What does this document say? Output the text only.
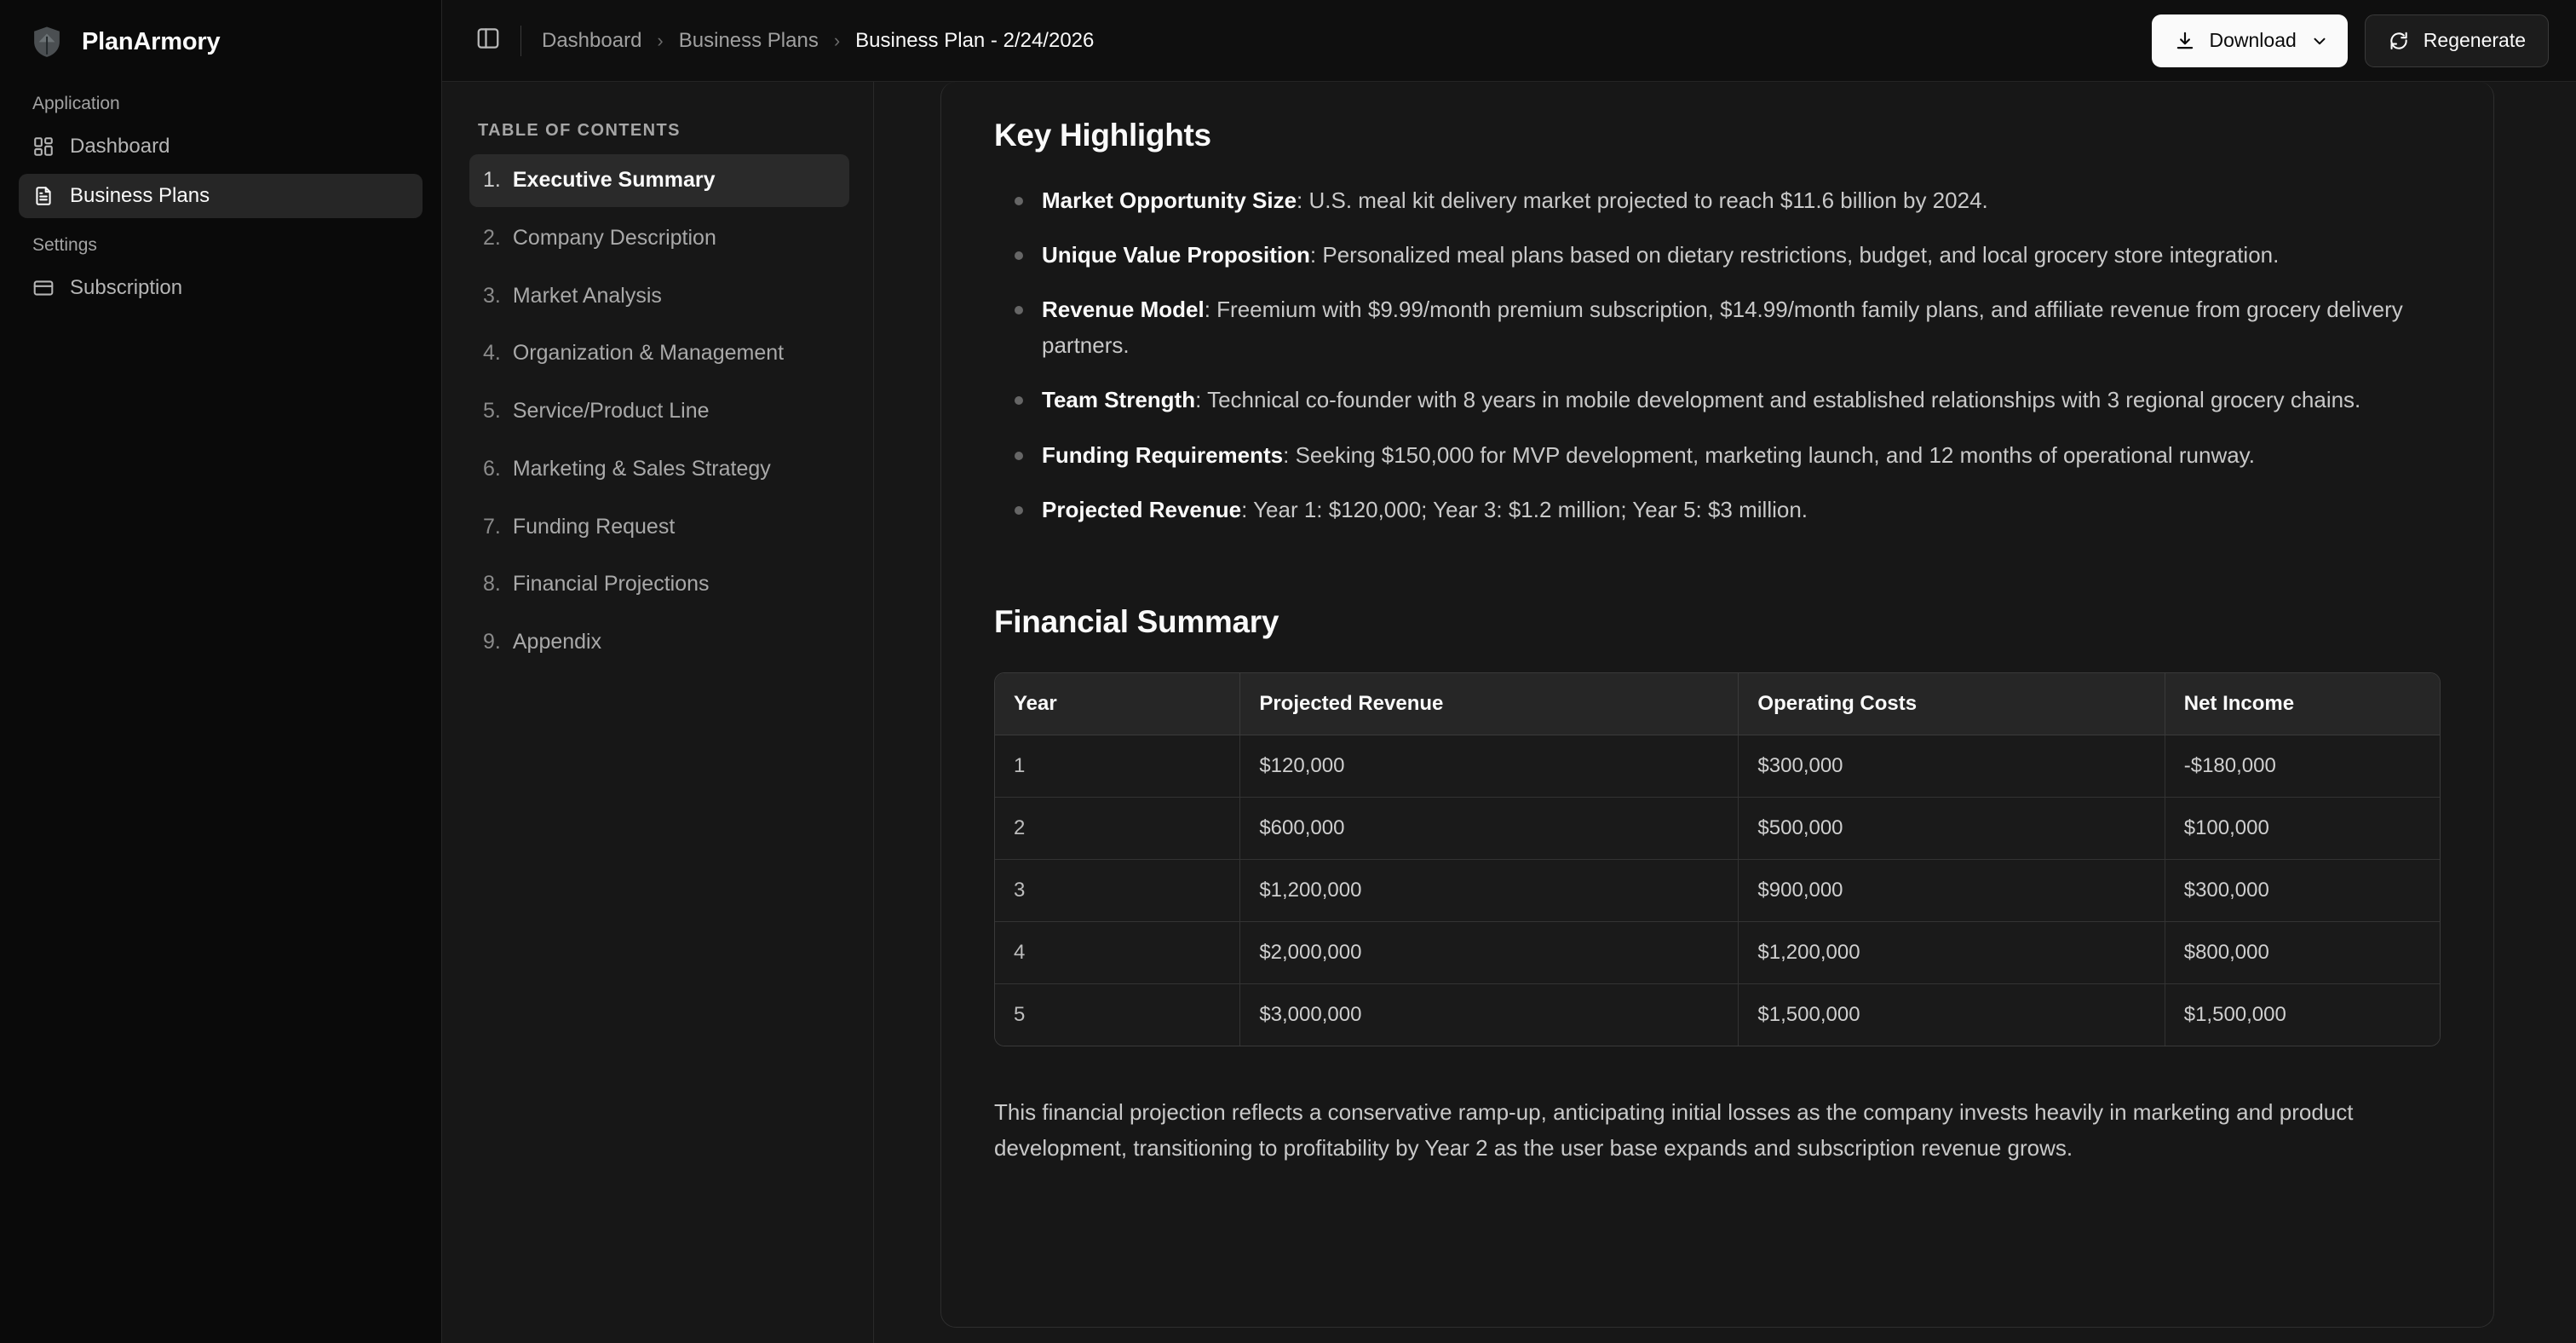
PlanArmory
Application
Dashboard
Business Plans
Settings
Subscription
Dashboard › Business Plans › Business Plan - 2/24/2026	Download	Regenerate
TABLE OF CONTENTS
1. Executive Summary
2. Company Description
3. Market Analysis
4. Organization & Management
5. Service/Product Line
6. Marketing & Sales Strategy
7. Funding Request
8. Financial Projections
9. Appendix
Key Highlights
Market Opportunity Size: U.S. meal kit delivery market projected to reach $11.6 billion by 2024.
Unique Value Proposition: Personalized meal plans based on dietary restrictions, budget, and local grocery store integration.
Revenue Model: Freemium with $9.99/month premium subscription, $14.99/month family plans, and affiliate revenue from grocery delivery partners.
Team Strength: Technical co-founder with 8 years in mobile development and established relationships with 3 regional grocery chains.
Funding Requirements: Seeking $150,000 for MVP development, marketing launch, and 12 months of operational runway.
Projected Revenue: Year 1: $120,000; Year 3: $1.2 million; Year 5: $3 million.
Financial Summary
Year	Projected Revenue	Operating Costs	Net Income
1	$120,000	$300,000	-$180,000
2	$600,000	$500,000	$100,000
3	$1,200,000	$900,000	$300,000
4	$2,000,000	$1,200,000	$800,000
5	$3,000,000	$1,500,000	$1,500,000

This financial projection reflects a conservative ramp-up, anticipating initial losses as the company invests heavily in marketing and product development, transitioning to profitability by Year 2 as the user base expands and subscription revenue grows.
